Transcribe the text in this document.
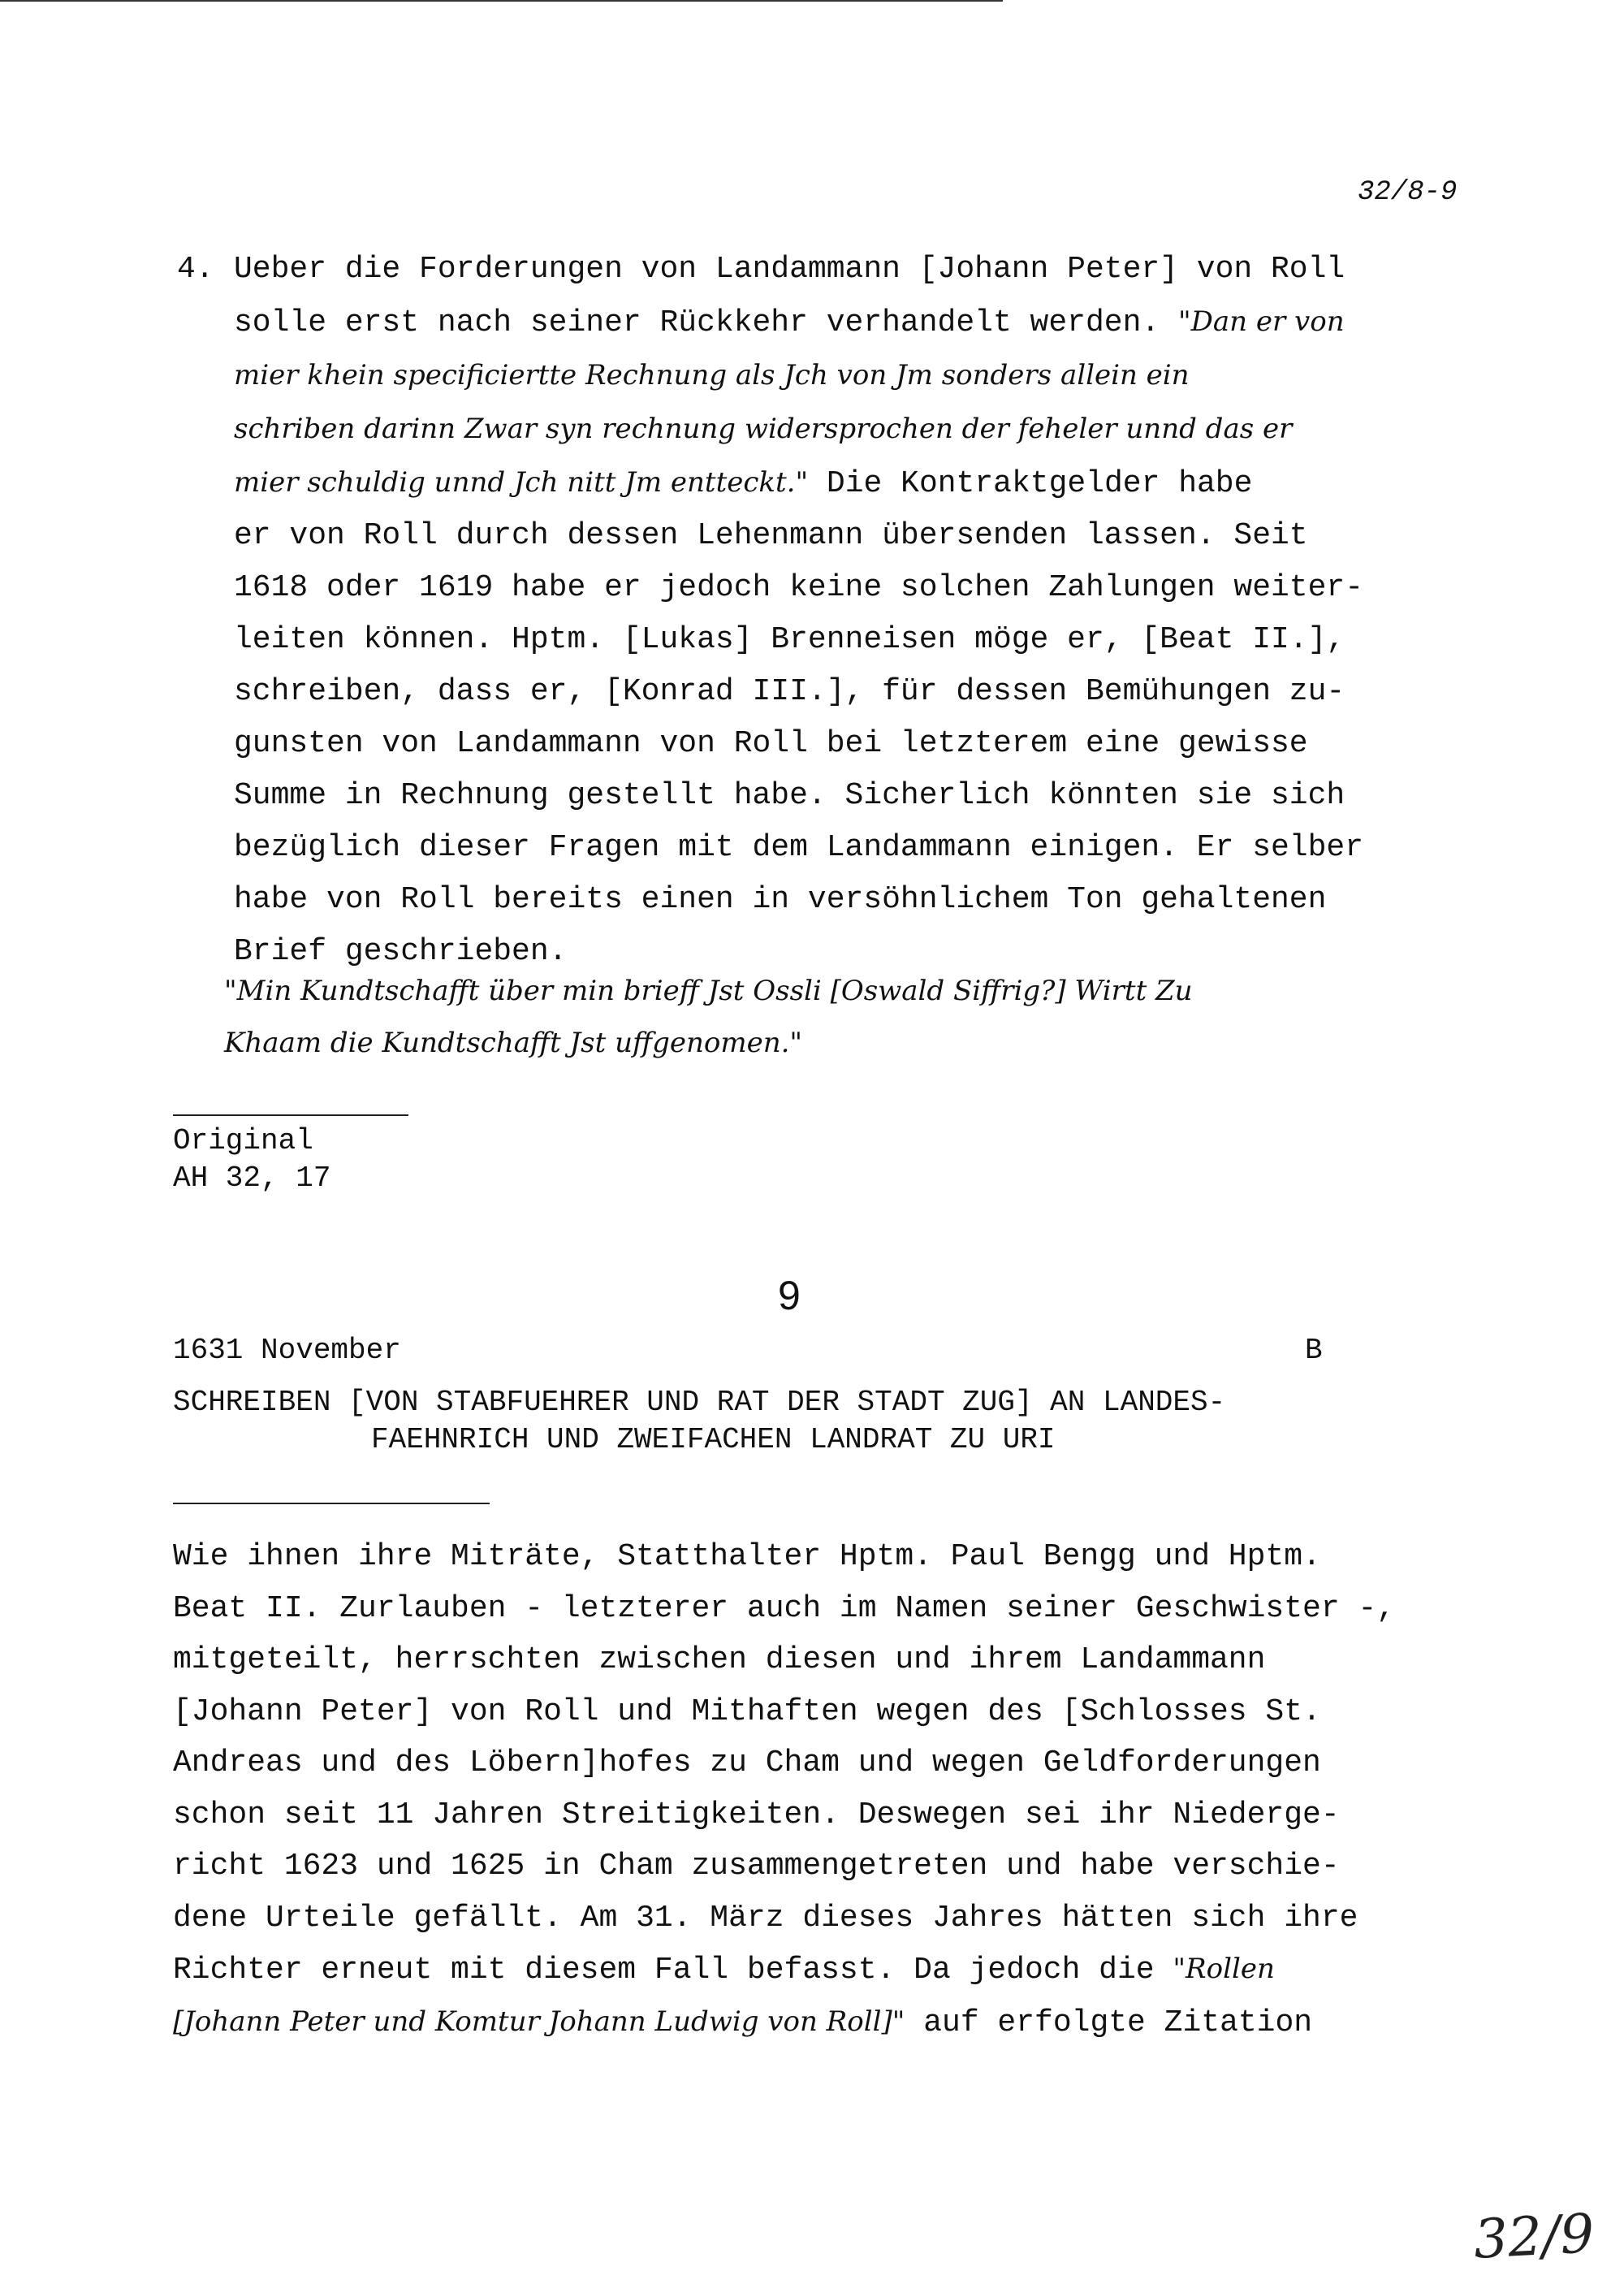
32/8-9
4. Ueber die Forderungen von Landammann [Johann Peter] von Roll
solle erst nach seiner Rückkehr verhandelt werden. "Dan er von
mier khein specificiertte Rechnung als Jch von Jm sonders allein ein
schriben darinn Zwar syn rechnung widersprochen der feheler unnd das er
mier schuldig unnd Jch nitt Jm entteckt." Die Kontraktgelder habe
er von Roll durch dessen Lehenmann übersenden lassen. Seit
1618 oder 1619 habe er jedoch keine solchen Zahlungen weiter-
leiten können. Hptm. [Lukas] Brenneisen möge er, [Beat II.],
schreiben, dass er, [Konrad III.], für dessen Bemühungen zu-
gunsten von Landammann von Roll bei letzterem eine gewisse
Summe in Rechnung gestellt habe. Sicherlich könnten sie sich
bezüglich dieser Fragen mit dem Landammann einigen. Er selber
habe von Roll bereits einen in versöhnlichem Ton gehaltenen
Brief geschrieben.
"Min Kundtschafft über min brieff Jst Ossli [Oswald Siffrig?] Wirtt Zu
Khaam die Kundtschafft Jst uffgenomen."
Original
AH 32, 17
9
1631 November	B
SCHREIBEN [VON STABFUEHRER UND RAT DER STADT ZUG] AN LANDES-
FAEHNRICH UND ZWEIFACHEN LANDRAT ZU URI
Wie ihnen ihre Miträte, Statthalter Hptm. Paul Bengg und Hptm.
Beat II. Zurlauben - letzterer auch im Namen seiner Geschwister -,
mitgeteilt, herrschten zwischen diesen und ihrem Landammann
[Johann Peter] von Roll und Mithaften wegen des [Schlosses St.
Andreas und des Löbern]hofes zu Cham und wegen Geldforderungen
schon seit 11 Jahren Streitigkeiten. Deswegen sei ihr Niederge-
richt 1623 und 1625 in Cham zusammengetreten und habe verschie-
dene Urteile gefällt. Am 31. März dieses Jahres hätten sich ihre
Richter erneut mit diesem Fall befasst. Da jedoch die "Rollen
[Johann Peter und Komtur Johann Ludwig von Roll]" auf erfolgte Zitation
32/9
